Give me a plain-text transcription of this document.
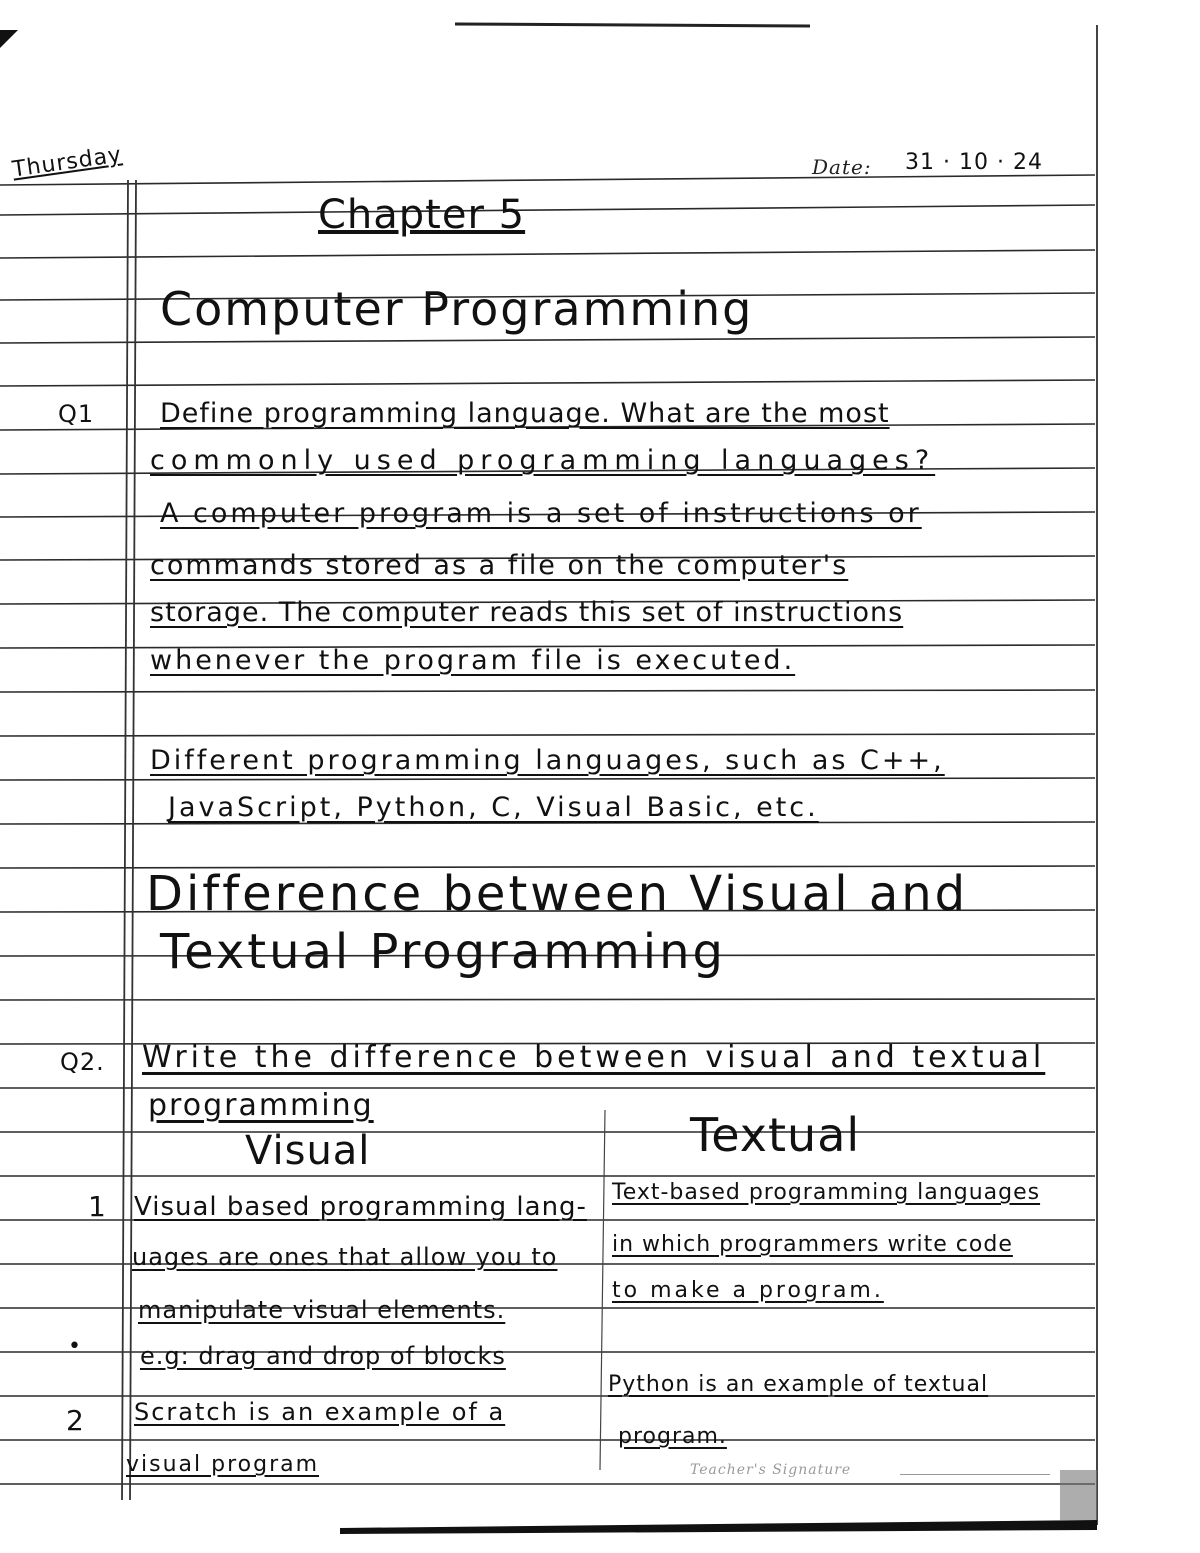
Thursday	Date: 31 · 10 · 24
Chapter 5
Computer Programming
Q1 Define programming language. What are the most
commonly used programming languages?
A computer program is a set of instructions or
commands stored as a file on the computer's
storage. The computer reads this set of instructions
whenever the program file is executed.
Different programming languages, such as C++,
JavaScript, Python, C, Visual Basic, etc.
Difference between Visual and
Textual Programming
Q2. Write the difference between visual and textual
programming
Visual	Textual
1 Visual based programming lang-
uages are ones that allow you to
manipulate visual elements.
e.g: drag and drop of blocks
Text-based programming languages
in which programmers write code
to make a program.
•
2 Scratch is an example of a
visual program
Python is an example of textual
program.
Teacher's Signature
